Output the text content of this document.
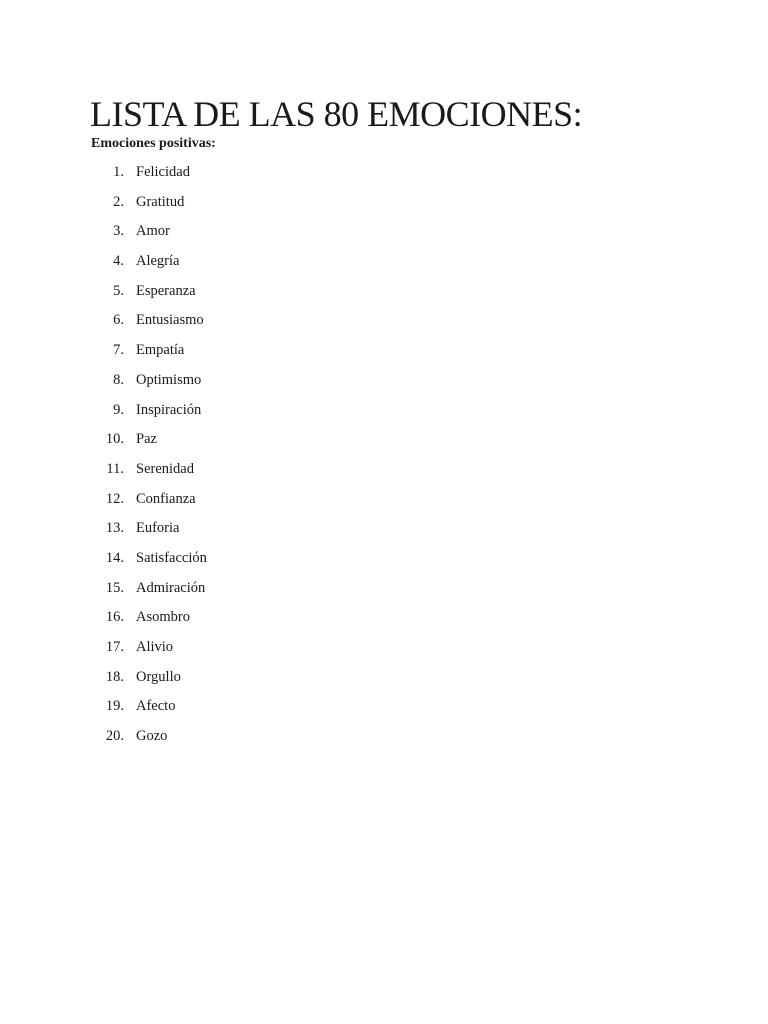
LISTA DE LAS 80 EMOCIONES:
Emociones positivas:
1. Felicidad
2. Gratitud
3. Amor
4. Alegría
5. Esperanza
6. Entusiasmo
7. Empatía
8. Optimismo
9. Inspiración
10. Paz
11. Serenidad
12. Confianza
13. Euforia
14. Satisfacción
15. Admiración
16. Asombro
17. Alivio
18. Orgullo
19. Afecto
20. Gozo
